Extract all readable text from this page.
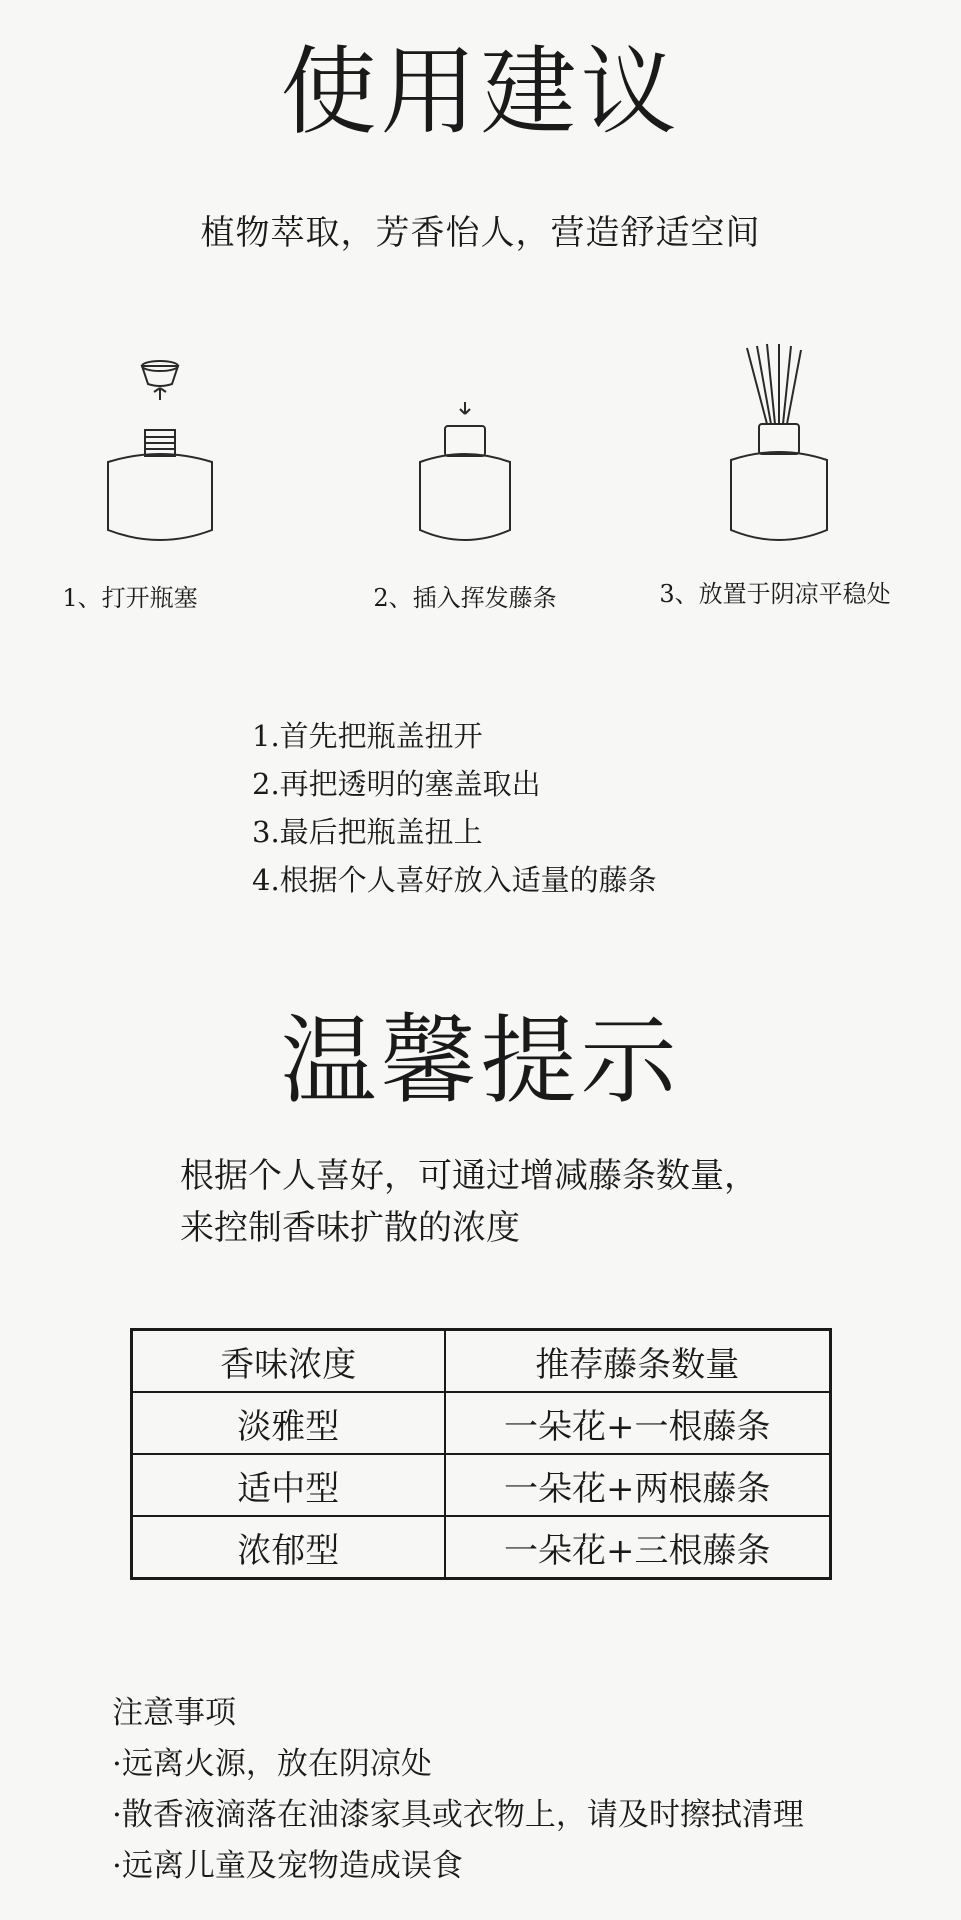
使用建议
植物萃取，芳香怡人，营造舒适空间
1、打开瓶塞	2、插入挥发藤条	3、放置于阴凉平稳处
1.首先把瓶盖扭开
2.再把透明的塞盖取出
3.最后把瓶盖扭上
4.根据个人喜好放入适量的藤条
温馨提示
根据个人喜好，可通过增减藤条数量，
来控制香味扩散的浓度
香味浓度	推荐藤条数量
淡雅型	一朵花+一根藤条
适中型	一朵花+两根藤条
浓郁型	一朵花+三根藤条
注意事项
·远离火源，放在阴凉处
·散香液滴落在油漆家具或衣物上，请及时擦拭清理
·远离儿童及宠物造成误食
